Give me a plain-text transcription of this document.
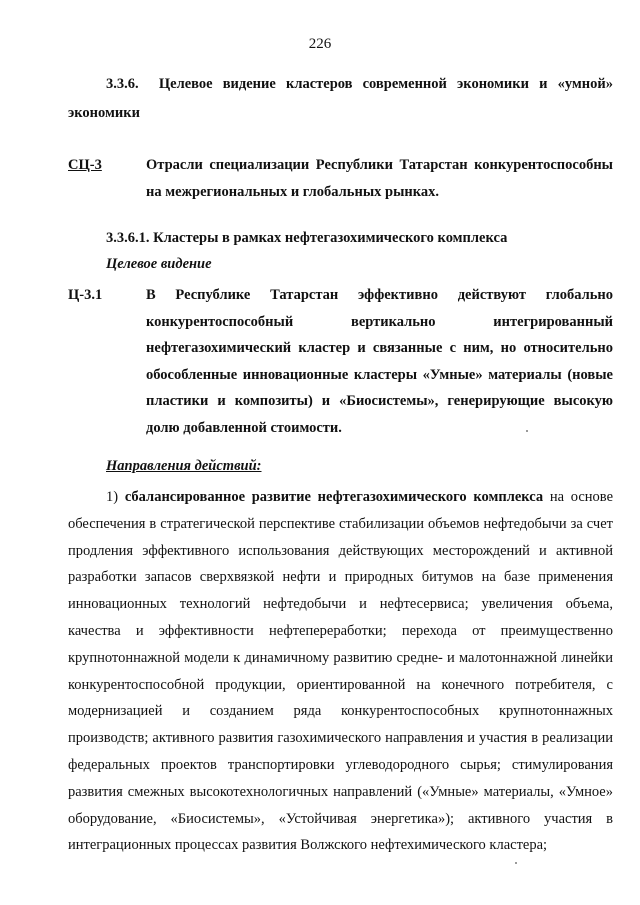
226
3.3.6. Целевое видение кластеров современной экономики и «умной» экономики
СЦ-3	Отрасли специализации Республики Татарстан конкурентоспособны на межрегиональных и глобальных рынках.
3.3.6.1. Кластеры в рамках нефтегазохимического комплекса
Целевое видение
Ц-3.1	В Республике Татарстан эффективно действуют глобально конкурентоспособный вертикально интегрированный нефтегазохимический кластер и связанные с ним, но относительно обособленные инновационные кластеры «Умные» материалы (новые пластики и композиты) и «Биосистемы», генерирующие высокую долю добавленной стоимости.
Направления действий:
1) сбалансированное развитие нефтегазохимического комплекса на основе обеспечения в стратегической перспективе стабилизации объемов нефтедобычи за счет продления эффективного использования действующих месторождений и активной разработки запасов сверхвязкой нефти и природных битумов на базе применения инновационных технологий нефтедобычи и нефтесервиса; увеличения объема, качества и эффективности нефтепереработки; перехода от преимущественно крупнотоннажной модели к динамичному развитию средне- и малотоннажной линейки конкурентоспособной продукции, ориентированной на конечного потребителя, с модернизацией и созданием ряда конкурентоспособных крупнотоннажных производств; активного развития газохимического направления и участия в реализации федеральных проектов транспортировки углеводородного сырья; стимулирования развития смежных высокотехнологичных направлений («Умные» материалы, «Умное» оборудование, «Биосистемы», «Устойчивая энергетика»); активного участия в интеграционных процессах развития Волжского нефтехимического кластера;
